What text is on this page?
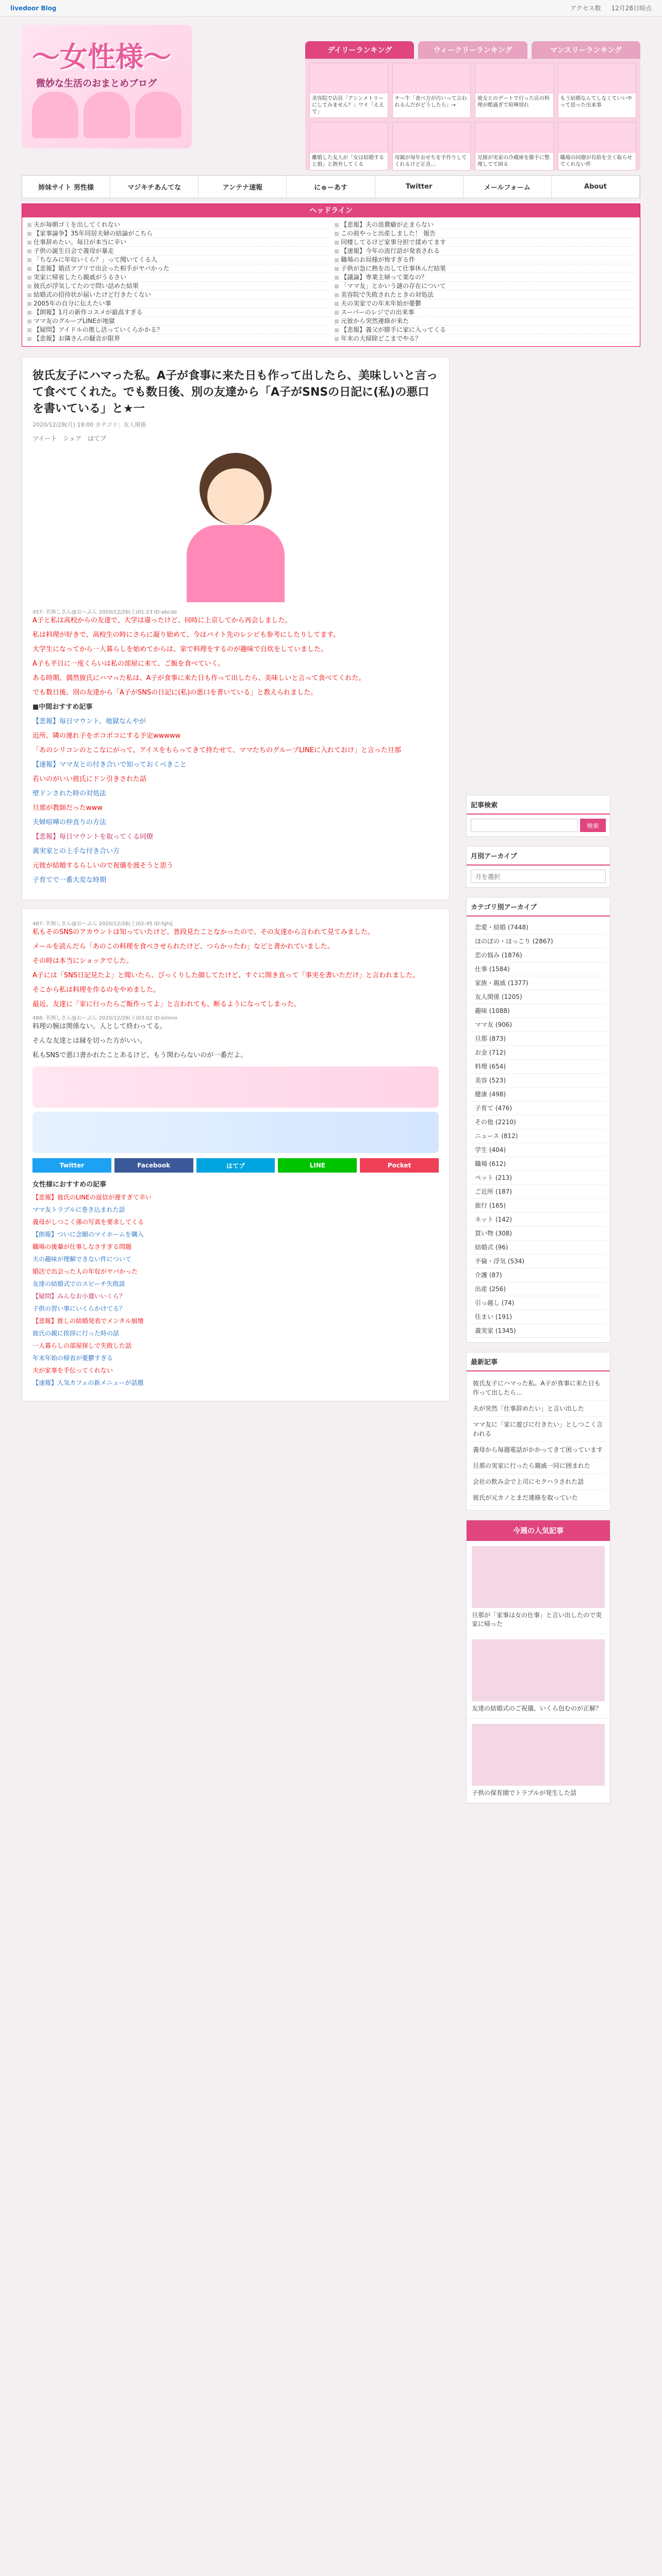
livedoor Blog	アクセス数 12月28日時点
〜女性様〜
微妙な生活のおまとめブログ
デイリーランキング	ウィークリーランキング	マンスリーランキング
美容院で店員「アシンメトリーにしてみません？」ワイ「ええで」
チー牛「食べ方が汚いって言われるんだがどうしたら」→
彼女とのデートで行った店の料理が酷過ぎて喧嘩別れ
もう結婚なんてしなくていいやって思った出来事
離婚した友人が「女は結婚すると損」と熱弁してくる
母親が毎年おせちを手作りしてくれるけど正直…
兄嫁が実家の冷蔵庫を勝手に整理してて困る
職場の同僚が有給を全く取らせてくれない件
姉妹サイト 男性様	マジキチあんてな	アンテナ速報	にゅーあす	Twitter	メールフォーム	About
ヘッドライン
夫が毎朝ゴミを出してくれない
【家事論争】35年同居夫婦の結論がこちら
仕事辞めたい。毎日が本当に辛い
子供の誕生日会で義母が暴走
「ちなみに年収いくら？」って聞いてくる人
【悲報】婚活アプリで出会った相手がヤバかった
実家に帰省したら親戚がうるさい
彼氏が浮気してたので問い詰めた結果
結婚式の招待状が届いたけど行きたくない
2005年の自分に伝えたい事
【朗報】1月の新作コスメが最高すぎる
ママ友のグループLINEが地獄
【疑問】アイドルの推し活っていくらかかる？
【悲報】お隣さんの騒音が限界
【悲報】夫の浪費癖が止まらない
この前やっと出産しました！ 報告
同棲してるけど家事分担で揉めてます
【速報】今年の流行語が発表される
職場のお局様が怖すぎる件
子供が急に熱を出して仕事休んだ結果
【議論】専業主婦って楽なの？
「ママ友」とかいう謎の存在について
美容院で失敗されたときの対処法
夫の実家での年末年始が憂鬱
スーパーのレジでの出来事
元彼から突然連絡が来た
【悲報】義父が勝手に家に入ってくる
年末の大掃除どこまでやる？
彼氏友子にハマった私。A子が食事に来た日も作って出したら、美味しいと言って食べてくれた。でも数日後、別の友達から「A子がSNSの日記に(私)の悪口を書いている」と★一
2020/12/28(月) 18:00 カテゴリ：友人関係
ツイート シェア はてブ
457: 名無しさん@おーぷん 2020/12/26(土)01:23 ID:abcde

A子と私は高校からの友達で、大学は違ったけど、同時に上京してから再会しました。

私は料理が好きで、高校生の時にさらに凝り始めて、今はバイト先のレシピも参考にしたりしてます。

大学生になってから一人暮らしを始めてからは、家で料理をするのが趣味で自炊をしていました。

A子も平日に一度くらいは私の部屋に来て、ご飯を食べていく。

ある時期、偶然彼氏にハマった私は、A子が食事に来た日も作って出したら、美味しいと言って食べてくれた。

でも数日後、別の友達から「A子がSNSの日記に(私)の悪口を書いている」と教えられました。

■中間おすすめ記事

【悲報】毎日マウント、地獄なんやが

近所、隣の連れ子をボコボコにする予定wwwww

「あのシリコンのとこなにがって、アイスをもらってきて持たせて、ママたちのグループLINEに入れておけ」と言った旦那

【速報】ママ友との付き合いで知っておくべきこと

若いのがいい彼氏にドン引きされた話

壁ドンされた時の対処法

旦那が教師だったwww

夫婦喧嘩の仲直りの方法

【悲報】毎日マウントを取ってくる同僚

義実家との上手な付き合い方

元彼が結婚するらしいので祝儀を渡そうと思う

子育てで一番大変な時期

487: 名無しさん@おーぷん 2020/12/26(土)02:45 ID:fghij

私もそのSNSのアカウントは知っていたけど、普段見たことなかったので、その友達から言われて見てみました。

メールを読んだら「あのこの料理を食べさせられたけど、つらかったわ」などと書かれていました。

その時は本当にショックでした。

A子には「SNS日記見たよ」と聞いたら、びっくりした顔してたけど、すぐに開き直って「事実を書いただけ」と言われました。

そこから私は料理を作るのをやめました。

最近、友達に「家に行ったらご飯作ってよ」と言われても、断るようになってしまった。

488: 名無しさん@おーぷん 2020/12/26(土)03:02 ID:klmno

料理の腕は関係ない。人として終わってる。

そんな友達とは縁を切った方がいい。

私もSNSで悪口書かれたことあるけど、もう関わらないのが一番だよ。

Twitter	Facebook	はてブ	LINE	Pocket
女性様におすすめの記事
【悲報】彼氏のLINEの返信が遅すぎて辛い
ママ友トラブルに巻き込まれた話
義母がしつこく孫の写真を要求してくる
【朗報】ついに念願のマイホームを購入
職場の後輩が仕事しなさすぎる問題
夫の趣味が理解できない件について
婚活で出会った人の年収がヤバかった
友達の結婚式でのスピーチ失敗談
【疑問】みんなお小遣いいくら？
子供の習い事にいくらかけてる？
【悲報】推しの結婚発表でメンタル崩壊
彼氏の親に挨拶に行った時の話
一人暮らしの部屋探しで失敗した話
年末年始の帰省が憂鬱すぎる
夫が家事を手伝ってくれない
【速報】人気カフェの新メニューが話題
記事検索
検索
月別アーカイブ
月を選択
カテゴリ別アーカイブ
恋愛・結婚 (7448)
ほのぼの・ほっこり (2867)
恋の悩み (1876)
仕事 (1584)
家族・親戚 (1377)
友人関係 (1205)
趣味 (1088)
ママ友 (906)
旦那 (873)
お金 (712)
料理 (654)
美容 (523)
健康 (498)
子育て (476)
その他 (2210)
ニュース (812)
学生 (404)
職場 (612)
ペット (213)
ご近所 (187)
旅行 (165)
ネット (142)
買い物 (308)
結婚式 (96)
不倫・浮気 (534)
介護 (87)
出産 (256)
引っ越し (74)
住まい (191)
義実家 (1345)
最新記事
彼氏友子にハマった私。A子が食事に来た日も作って出したら…
夫が突然「仕事辞めたい」と言い出した
ママ友に「家に遊びに行きたい」としつこく言われる
義母から毎週電話がかかってきて困っています
旦那の実家に行ったら親戚一同に囲まれた
会社の飲み会で上司にセクハラされた話
彼氏が元カノとまだ連絡を取っていた
今週の人気記事
旦那が「家事は女の仕事」と言い出したので実家に帰った
友達の結婚式のご祝儀、いくら包むのが正解？
子供の保育園でトラブルが発生した話
